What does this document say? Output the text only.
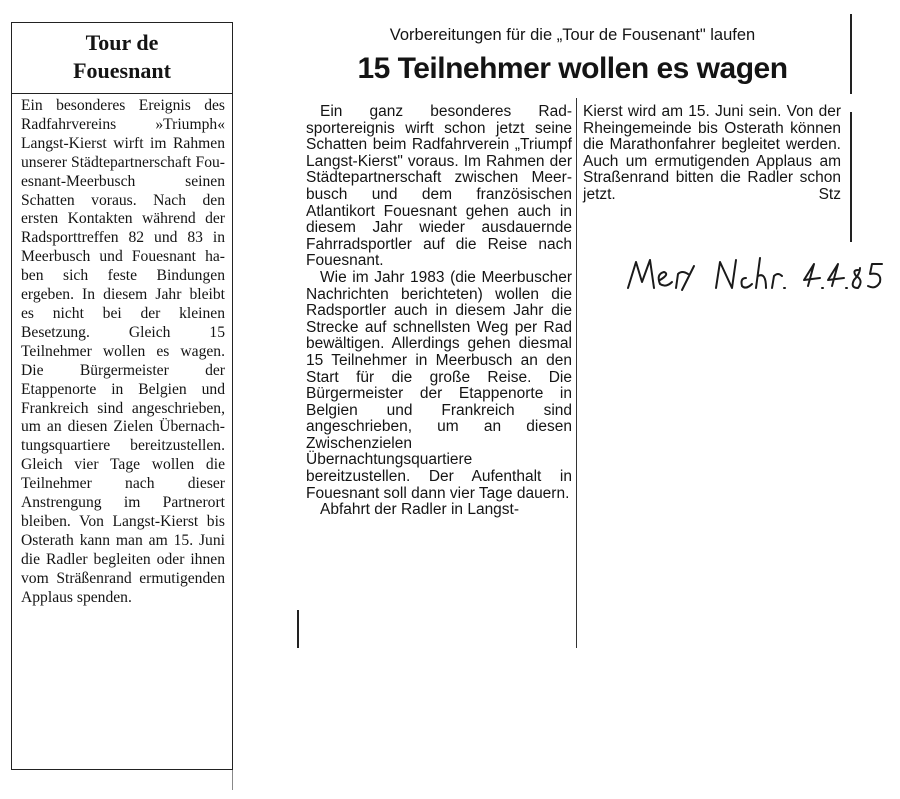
Tour de
Fouesnant
Ein besonderes Ereignis des Radfahrvereins »Triumph« Langst-Kierst wirft im Rahmen unserer Städtepartnerschaft Fouesnant-Meerbusch seinen Schatten voraus. Nach den ersten Kontakten während der Radsporttreffen 82 und 83 in Meerbusch und Fouesnant haben sich feste Bindungen ergeben. In diesem Jahr bleibt es nicht bei der kleinen Besetzung. Gleich 15 Teilnehmer wollen es wagen. Die Bürgermeister der Etappenorte in Belgien und Frankreich sind angeschrieben, um an diesen Zielen Übernachtungsquartiere bereitzustellen. Gleich vier Tage wollen die Teilnehmer nach dieser Anstrengung im Partnerort bleiben. Von Langst-Kierst bis Osterath kann man am 15. Juni die Radler begleiten oder ihnen vom Sträßenrand ermutigenden Applaus spenden.
Vorbereitungen für die „Tour de Fousenant" laufen
15 Teilnehmer wollen es wagen

Ein ganz besonderes Radsportereignis wirft schon jetzt seine Schatten beim Radfahrverein „Triumpf Langst-Kierst" voraus. Im Rahmen der Städtepartnerschaft zwischen Meerbusch und dem französischen Atlantikort Fouesnant gehen auch in diesem Jahr wieder ausdauernde Fahrradsportler auf die Reise nach Fouesnant.

Wie im Jahr 1983 (die Meerbuscher Nachrichten berichteten) wollen die Radsportler auch in diesem Jahr die Strecke auf schnellsten Weg per Rad bewältigen. Allerdings gehen diesmal 15 Teilnehmer in Meerbusch an den Start für die große Reise. Die Bürgermeister der Etappenorte in Belgien und Frankreich sind angeschrieben, um an diesen Zwischenzielen Übernachtungsquartiere bereitzustellen. Der Aufenthalt in Fouesnant soll dann vier Tage dauern.

Abfahrt der Radler in Langst-

Kierst wird am 15. Juni sein. Von der Rheingemeinde bis Osterath können die Marathonfahrer begleitet werden. Auch um ermutigenden Applaus am Straßenrand bitten die Radler schon jetzt.	Stz
